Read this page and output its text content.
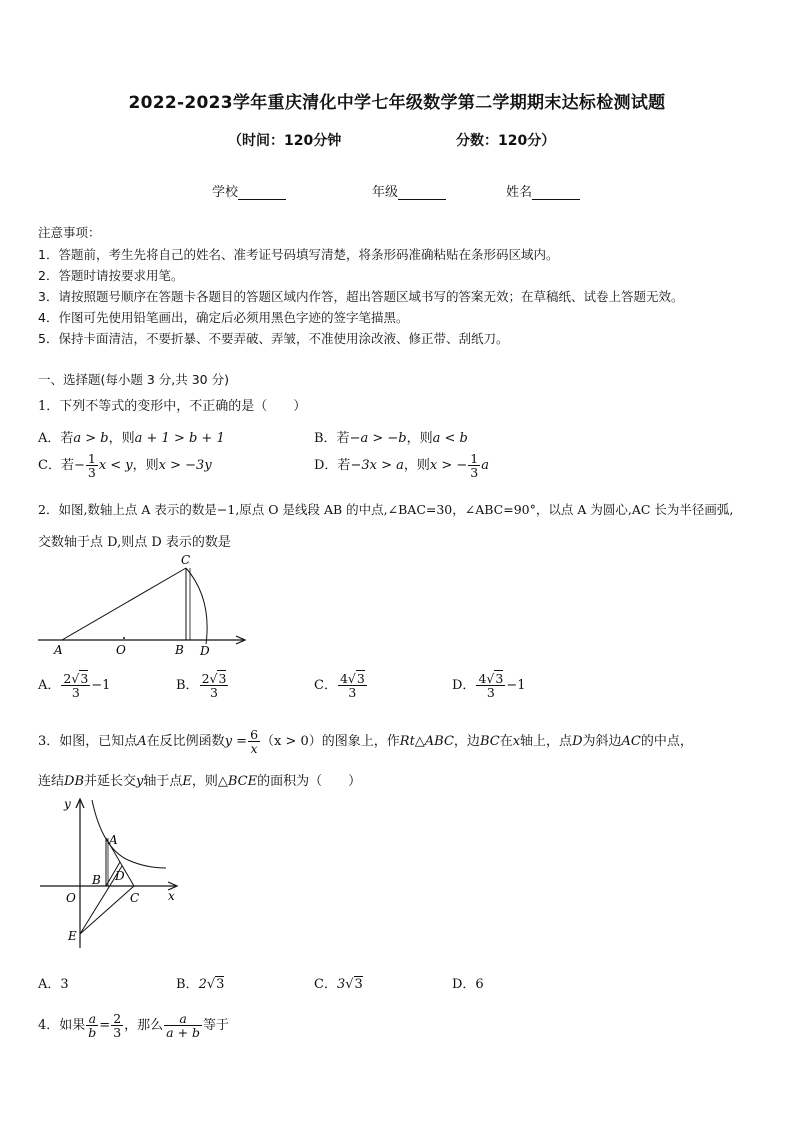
2022-2023学年重庆清化中学七年级数学第二学期期末达标检测试题
（时间：120分钟	分数：120分）
学校	年级	姓名
注意事项：
1．答题前，考生先将自己的姓名、准考证号码填写清楚，将条形码准确粘贴在条形码区域内。
2．答题时请按要求用笔。
3．请按照题号顺序在答题卡各题目的答题区域内作答，超出答题区域书写的答案无效；在草稿纸、试卷上答题无效。
4．作图可先使用铅笔画出，确定后必须用黑色字迹的签字笔描黑。
5．保持卡面清洁，不要折暴、不要弄破、弄皱，不准使用涂改液、修正带、刮纸刀。
一、选择题(每小题 3 分,共 30 分)
1．下列不等式的变形中，不正确的是（　　）
A．若a > b，则a + 1 > b + 1	B．若−a > −b，则a < b
C．若− $\frac{1}{3}$ x < y，则x > −3y	D．若−3x > a，则x > − $\frac{1}{3}$ a
2．如图,数轴上点 A 表示的数是−1,原点 O 是线段 AB 的中点,∠BAC=30，∠ABC=90°，以点 A 为圆心,AC 长为半径画弧,
交数轴于点 D,则点 D 表示的数是
A	O	B D
C
A． $\frac{2√3}{3} -1$	B． $\frac{2√3}{3}$	C． $\frac{4√3}{3}$	D． $\frac{4√3}{3} -1$
3．如图，已知点A在反比例函数$y = \frac{6}{x} (x > 0)$的图象上，作Rt△ABC，边BC在x轴上，点D为斜边AC的中点，
连结DB并延长交y轴于点E，则△BCE的面积为（　　）
y
x
O
A
B
C
D
E
A．3	B．2√3	C．3√3	D．6
4．如果 $\frac{a}{b} = \frac{2}{3}$ ，那么 $\frac{a}{a + b}$ 等于
